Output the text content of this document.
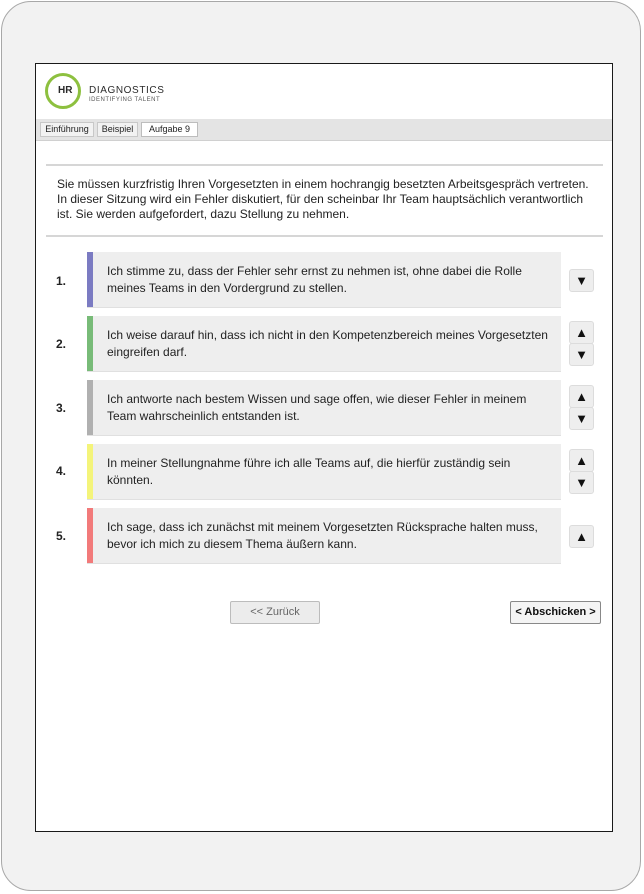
HR DIAGNOSTICS
IDENTIFYING TALENT
Einführung	Beispiel	Aufgabe 9
Sie müssen kurzfristig Ihren Vorgesetzten in einem hochrangig besetzten Arbeitsgespräch vertreten. In dieser Sitzung wird ein Fehler diskutiert, für den scheinbar Ihr Team hauptsächlich verantwortlich ist. Sie werden aufgefordert, dazu Stellung zu nehmen.
1.
Ich stimme zu, dass der Fehler sehr ernst zu nehmen ist, ohne dabei die Rolle meines Teams in den Vordergrund zu stellen.	▼
2.
Ich weise darauf hin, dass ich nicht in den Kompetenzbereich meines Vorgesetzten eingreifen darf.
▲
▼
3.
Ich antworte nach bestem Wissen und sage offen, wie dieser Fehler in meinem Team wahrscheinlich entstanden ist.
▲
▼
4.
In meiner Stellungnahme führe ich alle Teams auf, die hierfür zuständig sein könnten.
▲
▼
5.
Ich sage, dass ich zunächst mit meinem Vorgesetzten Rücksprache halten muss, bevor ich mich zu diesem Thema äußern kann.	▲
<< Zurück	< Abschicken >
